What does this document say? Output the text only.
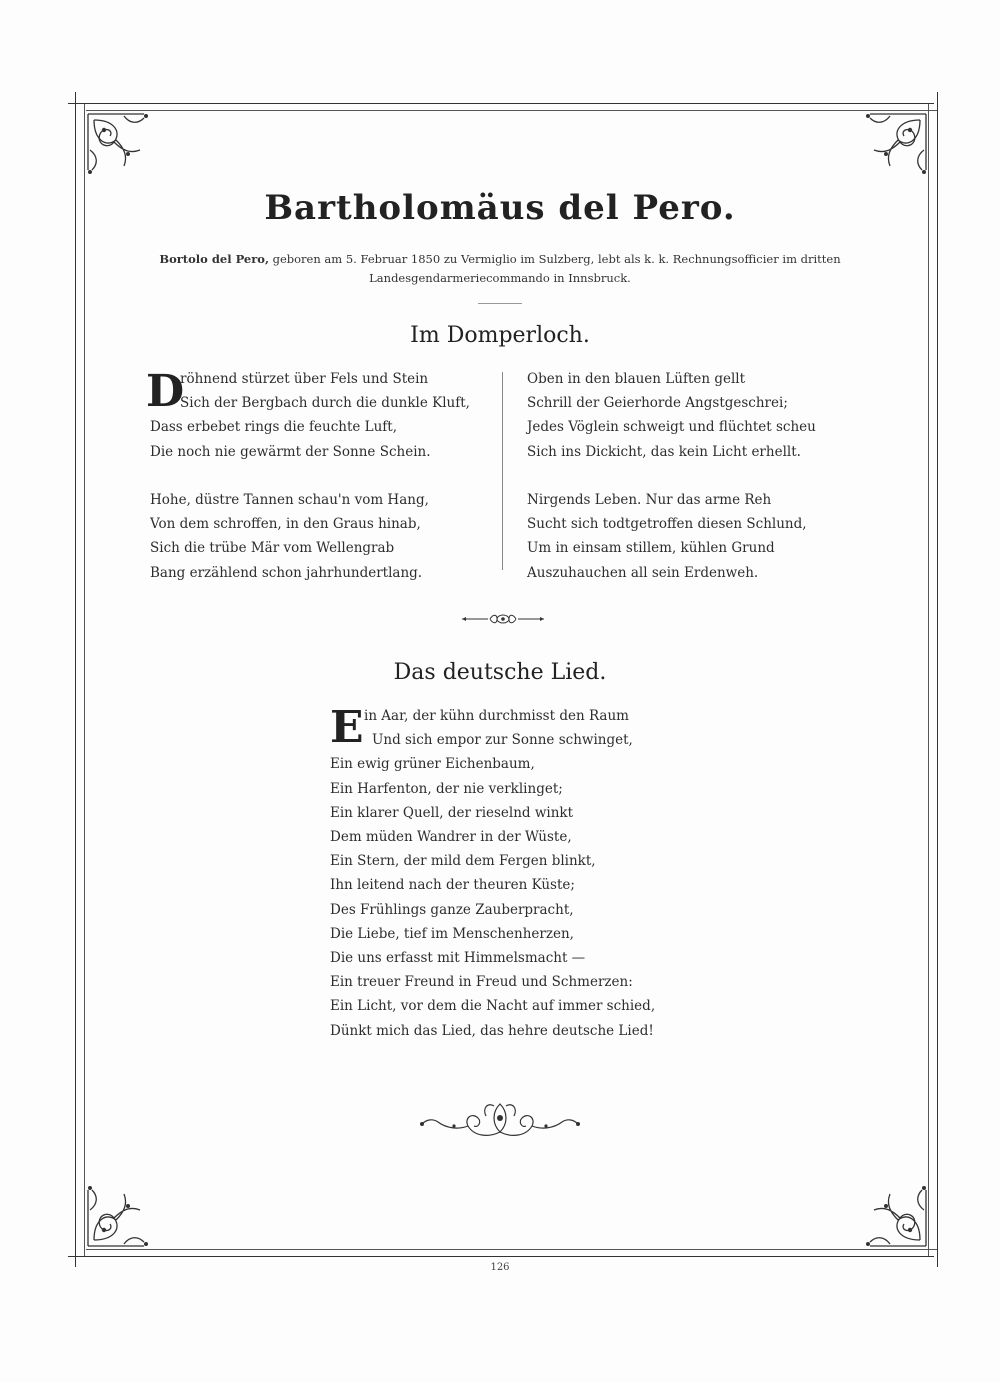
Bartholomäus del Pero.
Bortolo del Pero, geboren am 5. Februar 1850 zu Vermiglio im Sulzberg, lebt als k. k. Rechnungsofficier im dritten
Landesgendarmeriecommando in Innsbruck.
Im Domperloch.
D

röhnend stürzet über Fels und Stein

Sich der Bergbach durch die dunkle Kluft,

Dass erbebet rings die feuchte Luft,

Die noch nie gewärmt der Sonne Schein.

Hohe, düstre Tannen schau'n vom Hang,

Von dem schroffen, in den Graus hinab,

Sich die trübe Mär vom Wellengrab

Bang erzählend schon jahrhundertlang.

Oben in den blauen Lüften gellt

Schrill der Geierhorde Angstgeschrei;

Jedes Vöglein schweigt und flüchtet scheu

Sich ins Dickicht, das kein Licht erhellt.

Nirgends Leben. Nur das arme Reh

Sucht sich todtgetroffen diesen Schlund,

Um in einsam stillem, kühlen Grund

Auszuhauchen all sein Erdenweh.

Das deutsche Lied.
E in Aar, der kühn durchmisst den Raum

Und sich empor zur Sonne schwinget,

Ein ewig grüner Eichenbaum,

Ein Harfenton, der nie verklinget;

Ein klarer Quell, der rieselnd winkt

Dem müden Wandrer in der Wüste,

Ein Stern, der mild dem Fergen blinkt,

Ihn leitend nach der theuren Küste;

Des Frühlings ganze Zauberpracht,

Die Liebe, tief im Menschenherzen,

Die uns erfasst mit Himmelsmacht —

Ein treuer Freund in Freud und Schmerzen:

Ein Licht, vor dem die Nacht auf immer schied,

Dünkt mich das Lied, das hehre deutsche Lied!

126
